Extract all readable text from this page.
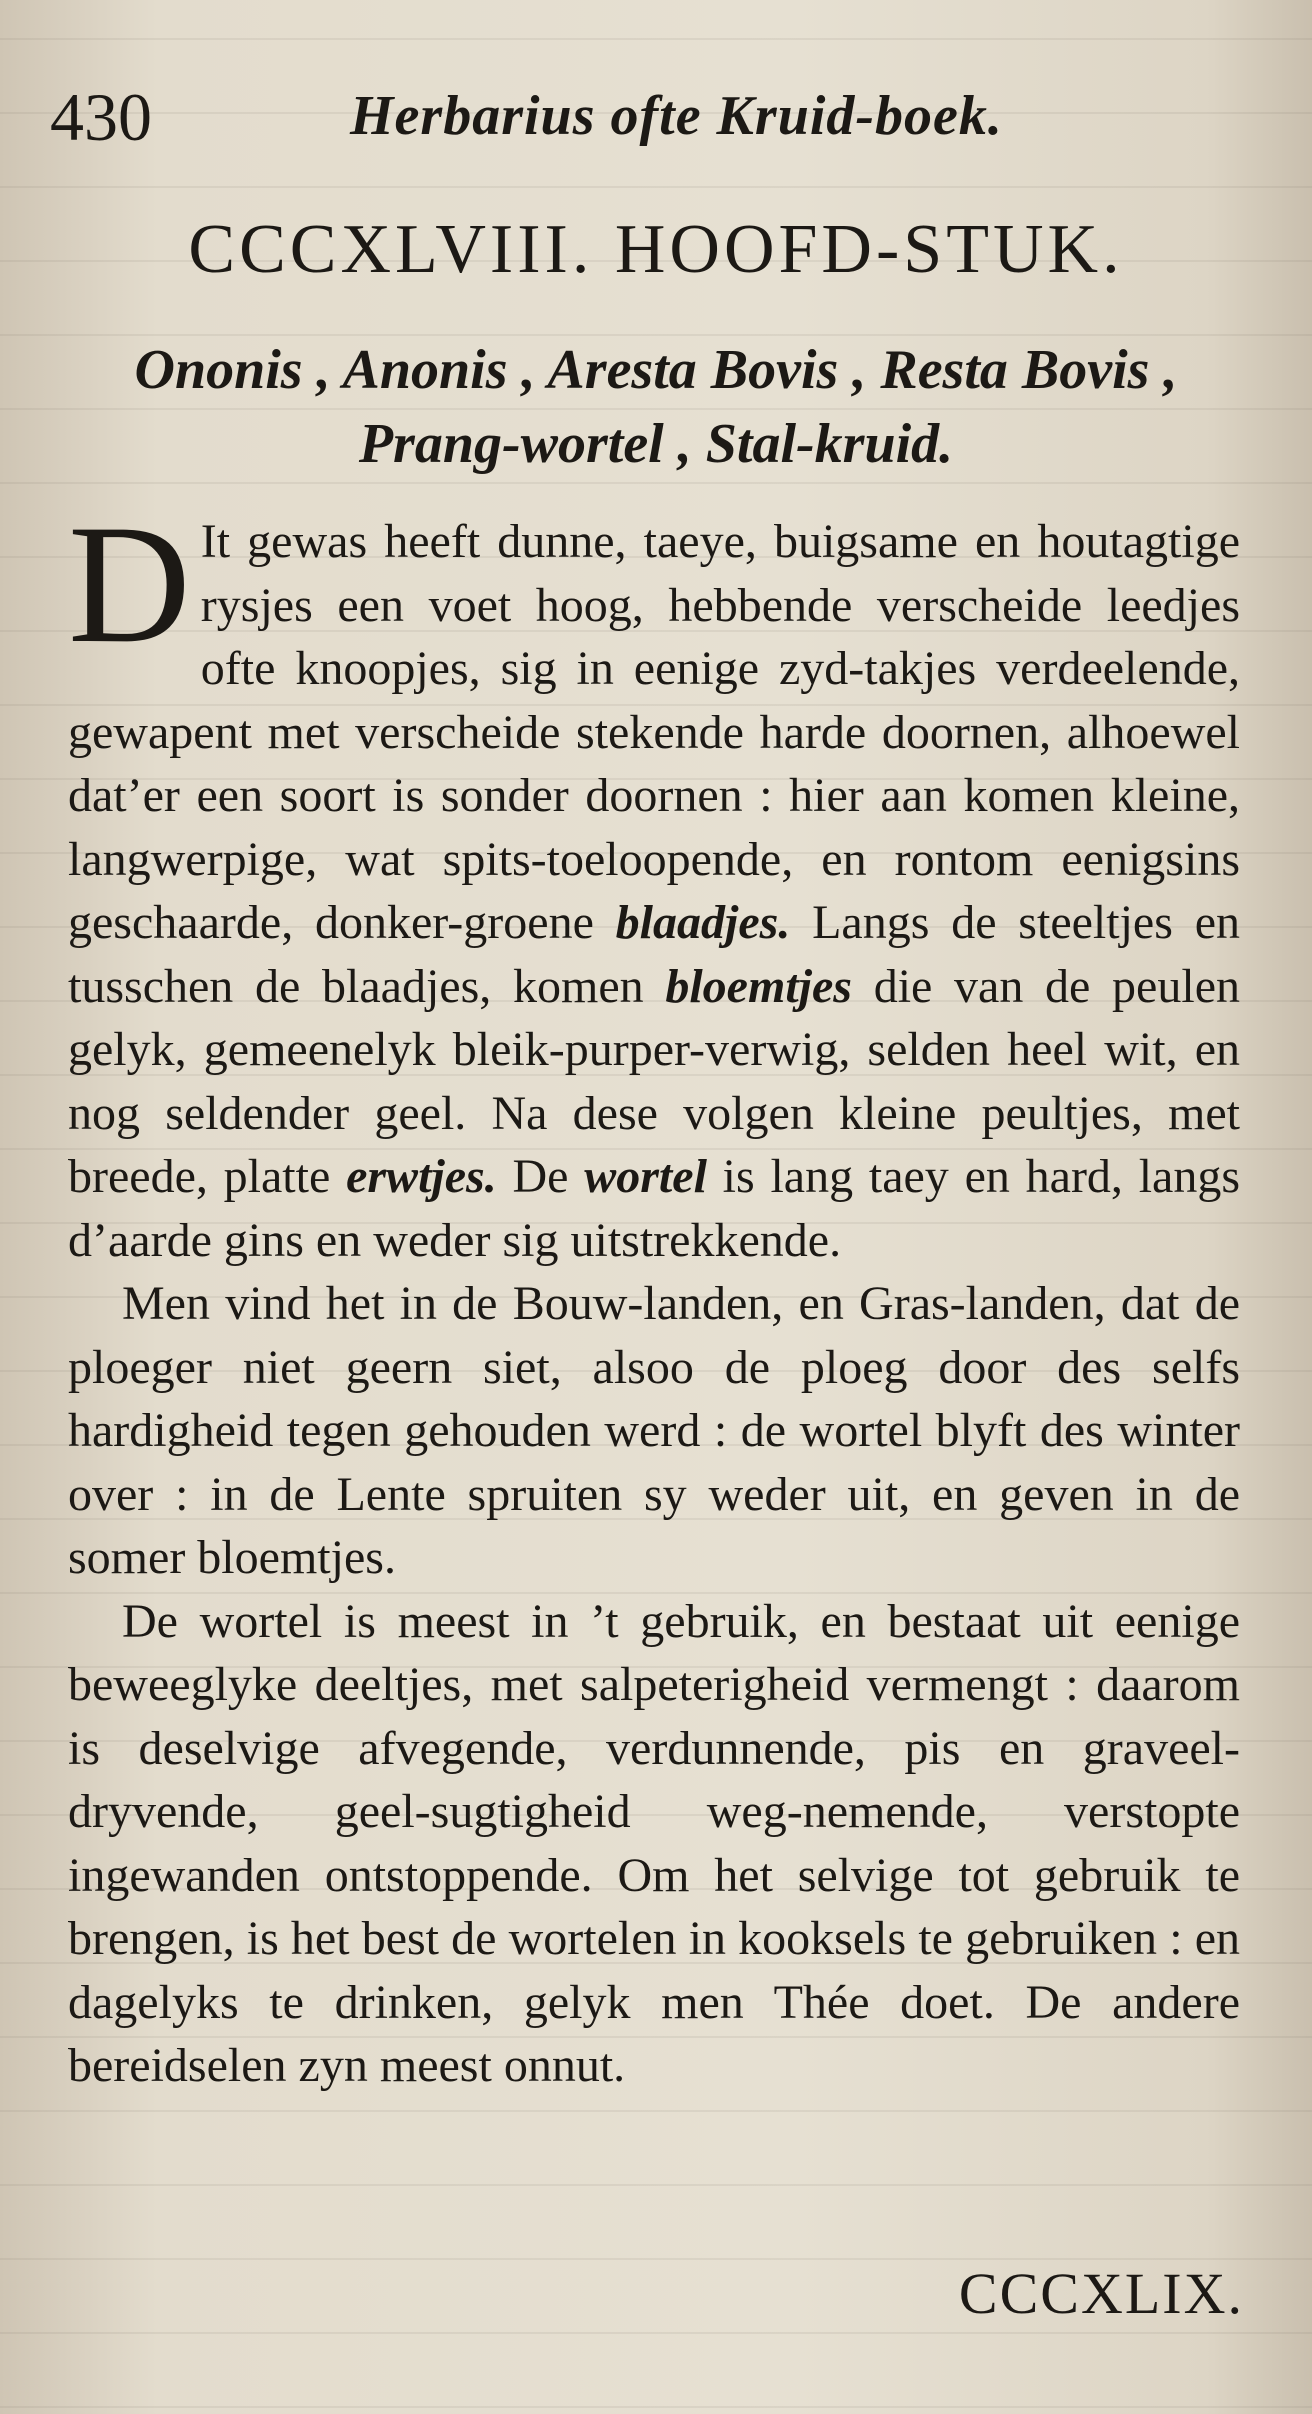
430	Herbarius ofte Kruid-boek.
CCCXLVIII. HOOFD-STUK.
Ononis , Anonis , Aresta Bovis , Resta Bovis ,
Prang-wortel , Stal-kruid.

D It gewas heeft dunne, taeye, buigsame en houtagtige rysjes een voet hoog, hebbende verscheide leedjes ofte knoopjes, sig in eenige zyd-takjes verdeelende, gewapent met verscheide stekende harde doornen, alhoewel dat’er een soort is sonder doornen : hier aan komen kleine, langwerpige, wat spits-toeloopende, en rontom eenigsins geschaarde, donker-groene blaadjes. Langs de steeltjes en tusschen de blaadjes, komen bloemtjes die van de peulen gelyk, gemeenelyk bleik-purper-verwig, selden heel wit, en nog seldender geel. Na dese volgen kleine peultjes, met breede, platte erwtjes. De wortel is lang taey en hard, langs d’aarde gins en weder sig uitstrekkende.

Men vind het in de Bouw-landen, en Gras-landen, dat de ploeger niet geern siet, alsoo de ploeg door des selfs hardigheid tegen gehouden werd : de wortel blyft des winter over : in de Lente spruiten sy weder uit, en geven in de somer bloemtjes.

De wortel is meest in ’t gebruik, en bestaat uit eenige beweeglyke deeltjes, met salpeterigheid vermengt : daarom is deselvige afvegende, verdunnende, pis en graveel-dryvende, geel-sugtigheid weg-nemende, verstopte ingewanden ontstoppende. Om het selvige tot gebruik te brengen, is het best de wortelen in kooksels te gebruiken : en dagelyks te drinken, gelyk men Thée doet. De andere bereidselen zyn meest onnut.

CCCXLIX.
